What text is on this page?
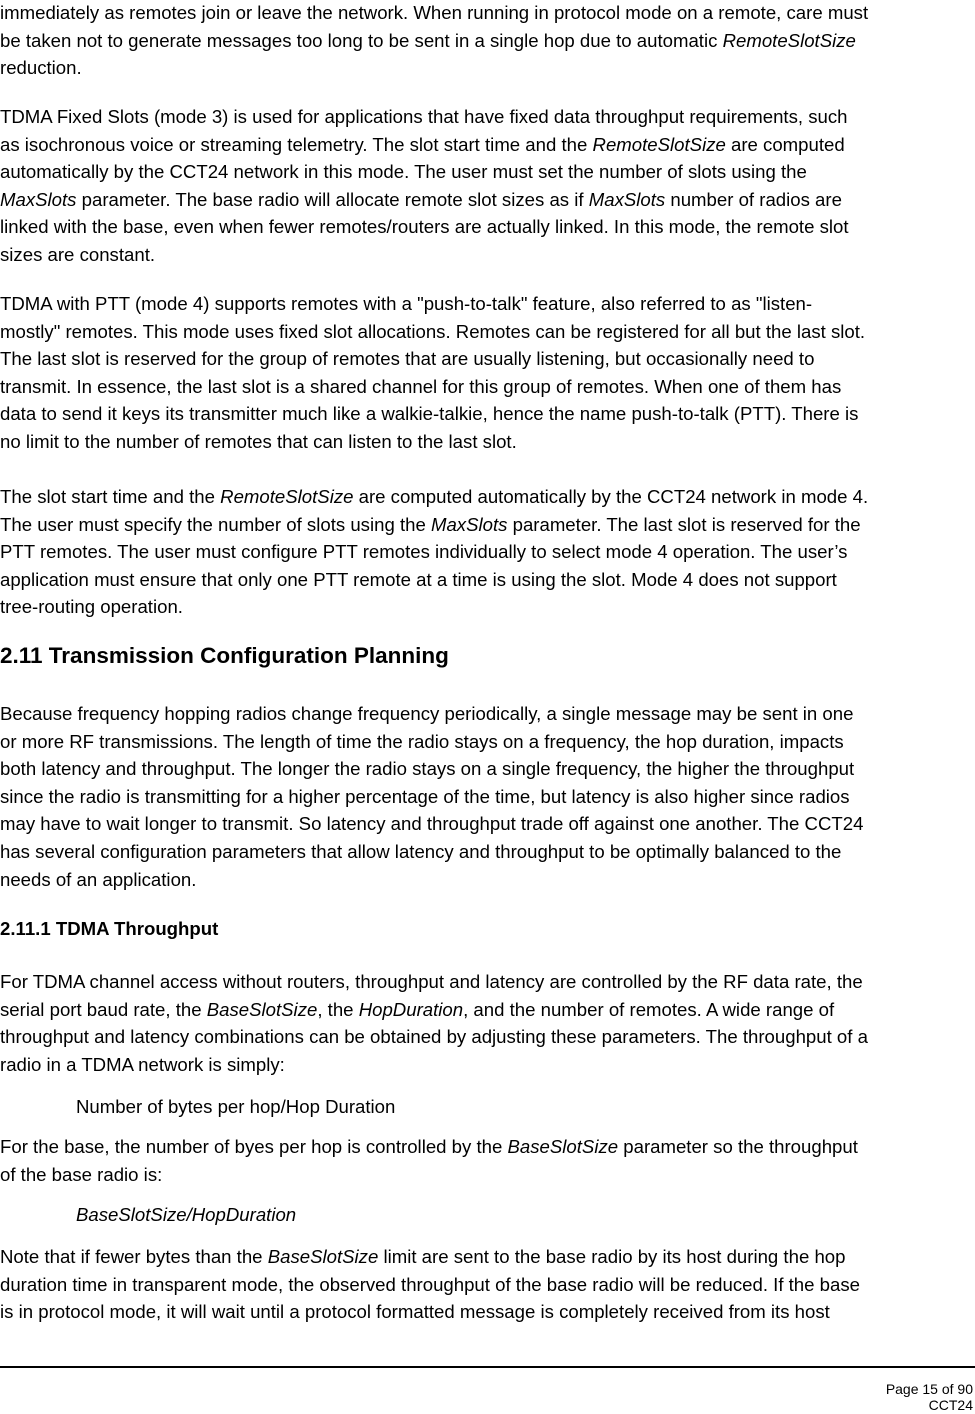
immediately as remotes join or leave the network. When running in protocol mode on a remote, care must
be taken not to generate messages too long to be sent in a single hop due to automatic RemoteSlotSize
reduction.

TDMA Fixed Slots (mode 3) is used for applications that have fixed data throughput requirements, such
as isochronous voice or streaming telemetry. The slot start time and the RemoteSlotSize are computed
automatically by the CCT24 network in this mode. The user must set the number of slots using the
MaxSlots parameter. The base radio will allocate remote slot sizes as if MaxSlots number of radios are
linked with the base, even when fewer remotes/routers are actually linked. In this mode, the remote slot
sizes are constant.

TDMA with PTT (mode 4) supports remotes with a "push-to-talk" feature, also referred to as "listen-
mostly" remotes. This mode uses fixed slot allocations. Remotes can be registered for all but the last slot.
The last slot is reserved for the group of remotes that are usually listening, but occasionally need to
transmit. In essence, the last slot is a shared channel for this group of remotes. When one of them has
data to send it keys its transmitter much like a walkie-talkie, hence the name push-to-talk (PTT). There is
no limit to the number of remotes that can listen to the last slot.

The slot start time and the RemoteSlotSize are computed automatically by the CCT24 network in mode 4.
The user must specify the number of slots using the MaxSlots parameter. The last slot is reserved for the
PTT remotes. The user must configure PTT remotes individually to select mode 4 operation. The user’s
application must ensure that only one PTT remote at a time is using the slot. Mode 4 does not support
tree-routing operation.

2.11 Transmission Configuration Planning

Because frequency hopping radios change frequency periodically, a single message may be sent in one
or more RF transmissions. The length of time the radio stays on a frequency, the hop duration, impacts
both latency and throughput. The longer the radio stays on a single frequency, the higher the throughput
since the radio is transmitting for a higher percentage of the time, but latency is also higher since radios
may have to wait longer to transmit. So latency and throughput trade off against one another. The CCT24
has several configuration parameters that allow latency and throughput to be optimally balanced to the
needs of an application.

2.11.1 TDMA Throughput

For TDMA channel access without routers, throughput and latency are controlled by the RF data rate, the
serial port baud rate, the BaseSlotSize, the HopDuration, and the number of remotes. A wide range of
throughput and latency combinations can be obtained by adjusting these parameters. The throughput of a
radio in a TDMA network is simply:

Number of bytes per hop/Hop Duration

For the base, the number of byes per hop is controlled by the BaseSlotSize parameter so the throughput
of the base radio is:

BaseSlotSize/HopDuration

Note that if fewer bytes than the BaseSlotSize limit are sent to the base radio by its host during the hop
duration time in transparent mode, the observed throughput of the base radio will be reduced. If the base
is in protocol mode, it will wait until a protocol formatted message is completely received from its host

Page 15 of 90
CCT24
